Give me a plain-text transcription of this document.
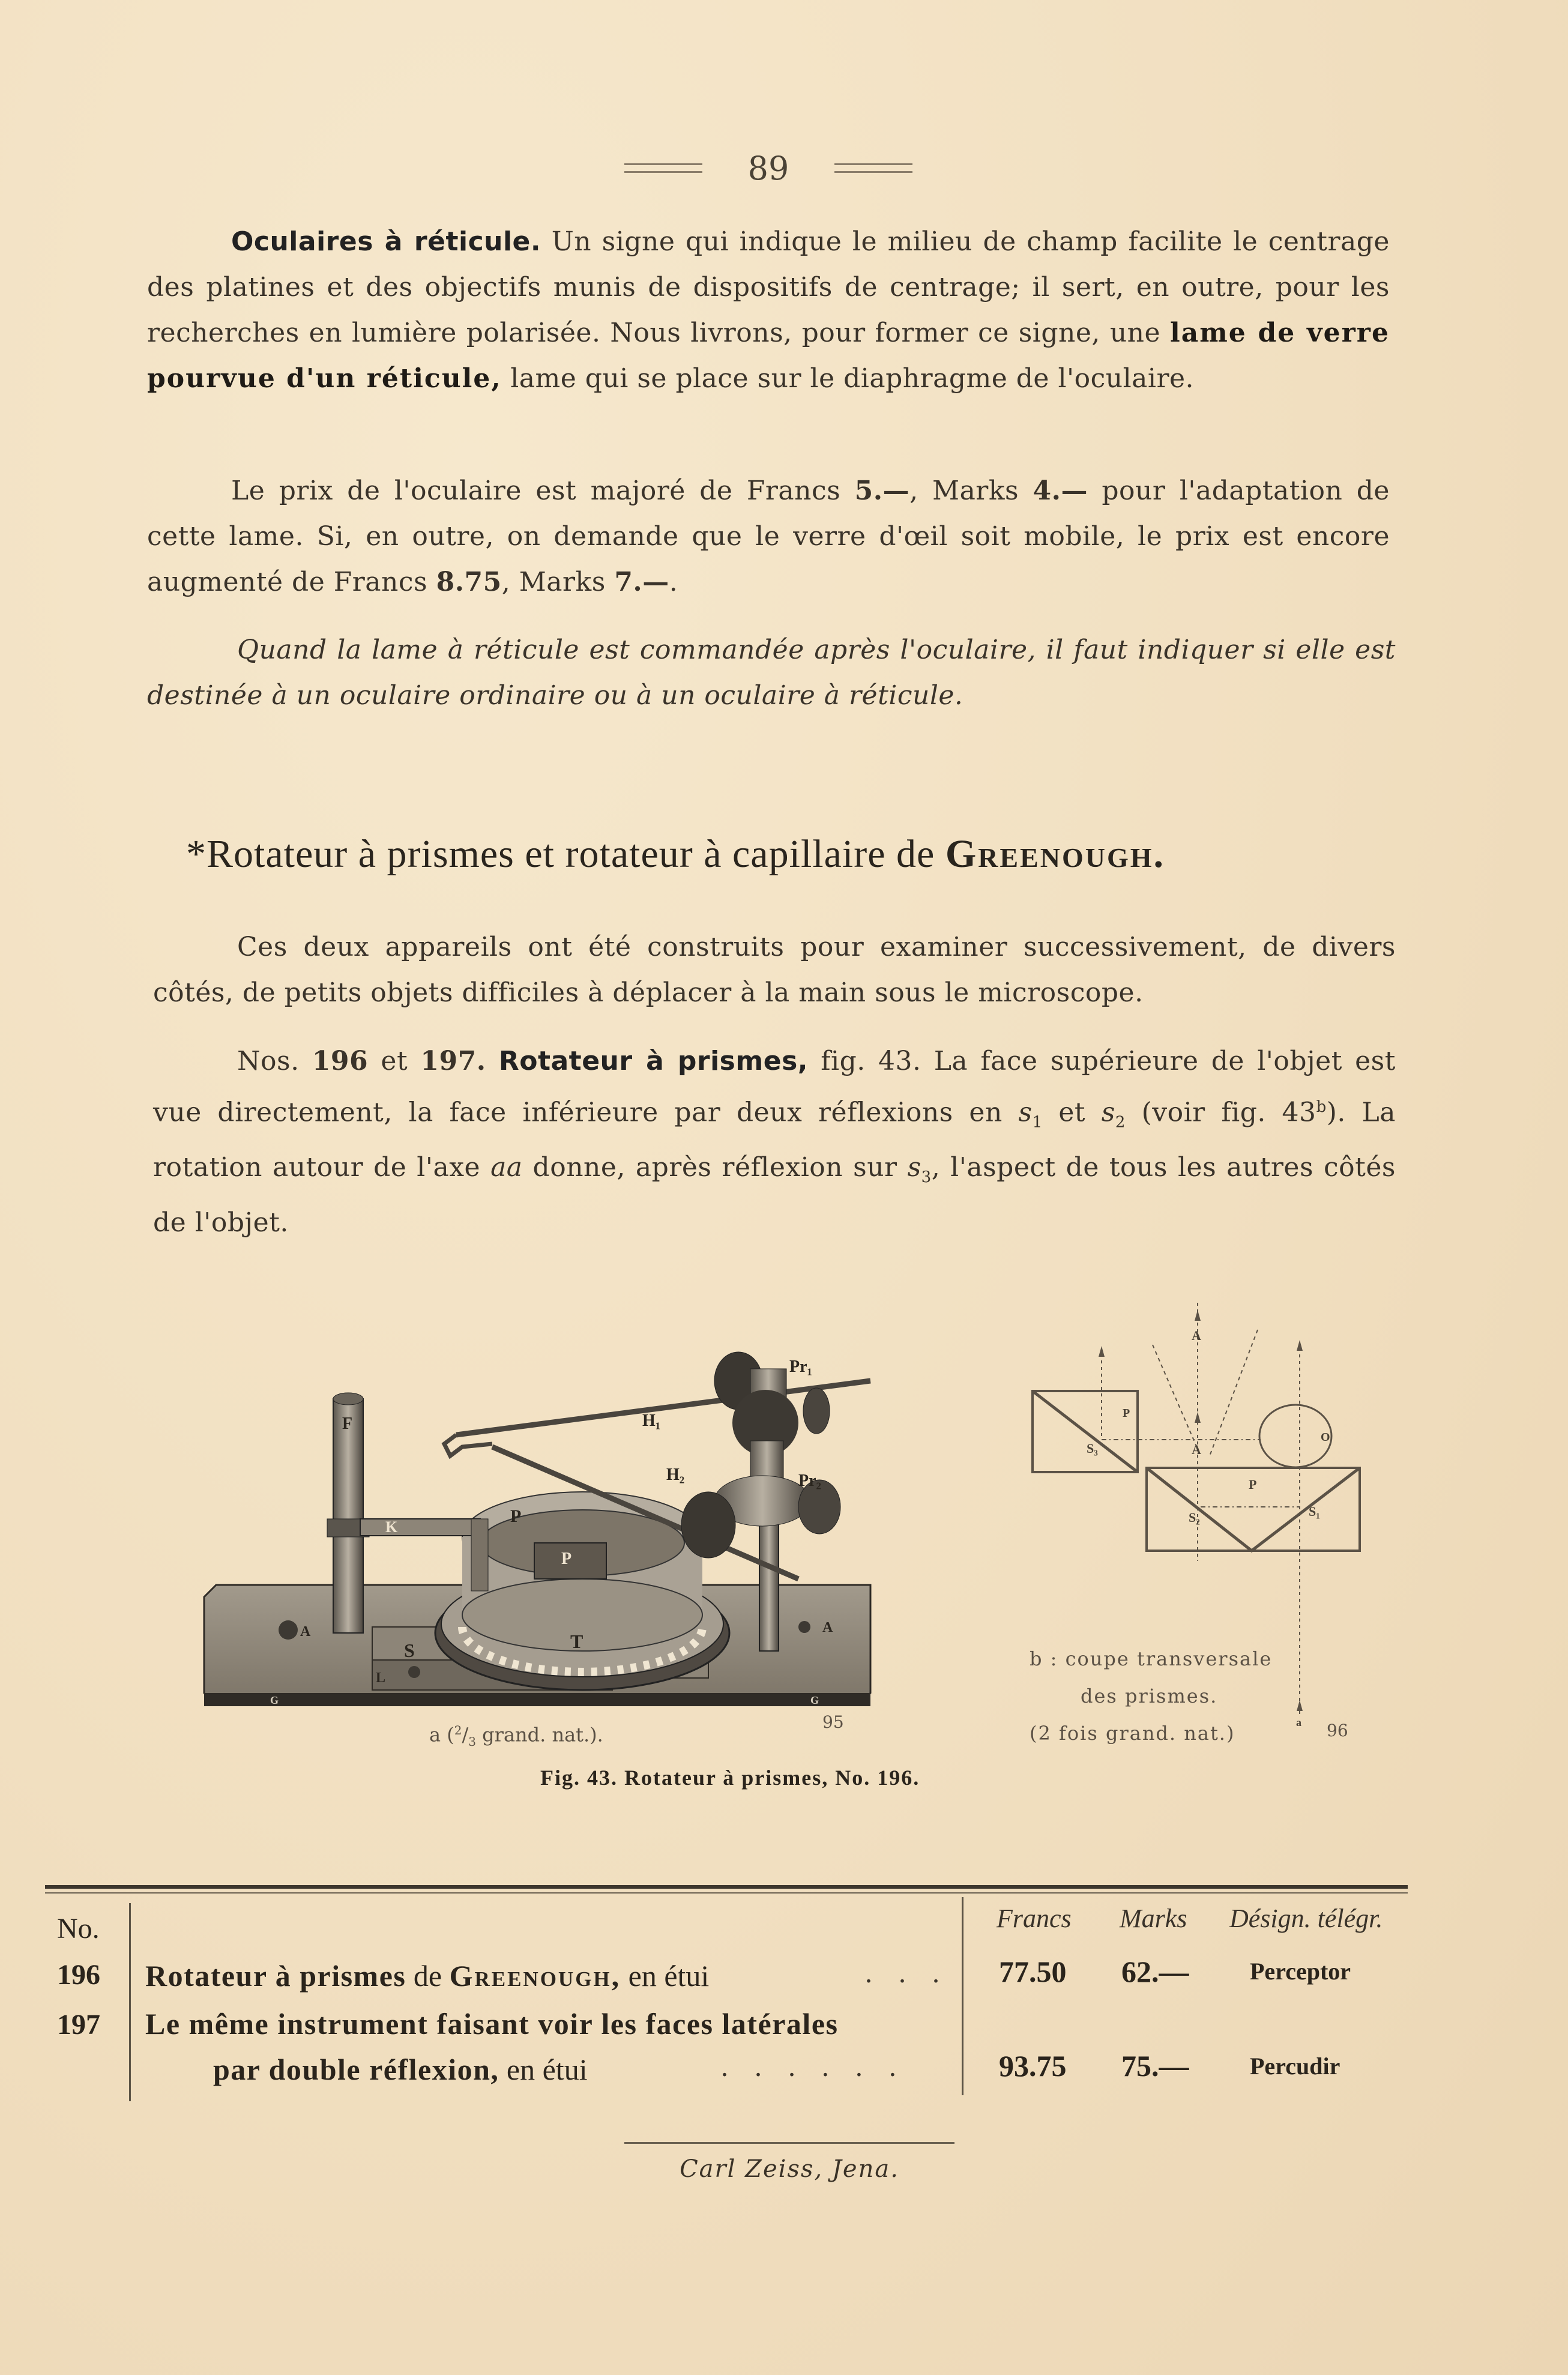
89
Oculaires à réticule. Un signe qui indique le milieu de champ facilite le centrage des platines et des objectifs munis de dispositifs de centrage; il sert, en outre, pour les recherches en lumière polarisée. Nous livrons, pour former ce signe, une lame de verre pourvue d'un réticule, lame qui se place sur le diaphragme de l'oculaire.
Le prix de l'oculaire est majoré de Francs 5.—, Marks 4.— pour l'adaptation de cette lame. Si, en outre, on demande que le verre d'œil soit mobile, le prix est encore augmenté de Francs 8.75, Marks 7.—.
Quand la lame à réticule est commandée après l'oculaire, il faut indiquer si elle est destinée à un oculaire ordinaire ou à un oculaire à réticule.
*Rotateur à prismes et rotateur à capillaire de Greenough.
Ces deux appareils ont été construits pour examiner successivement, de divers côtés, de petits objets difficiles à déplacer à la main sous le microscope.
Nos. 196 et 197. Rotateur à prismes, fig. 43. La face supérieure de l'objet est vue directement, la face inférieure par deux réflexions en $s_1$ et $s_2$ (voir fig. 43$^b$). La rotation autour de l'axe aa donne, après réflexion sur $s_3$, l'aspect de tous les autres côtés de l'objet.
F
K
P
P
H₁
H₂
Pr₁
Pr₂
A	A
S	T
L
G	G
a ($^2/_3$ grand. nat.).
95
A
A
P
P
O
S₃
S₂	S₁
a
b : coupe transversale
des prismes.
(2 fois grand. nat.)	96
Fig. 43. Rotateur à prismes, No. 196.
No.	Francs Marks Désign. télégr.
196 Rotateur à prismes de Greenough, en étui	. . . 77.50 62.—	Perceptor
197 Le même instrument faisant voir les faces latérales
par double réflexion, en étui	. . . . . .	93.75 75.—	Percudir
Carl Zeiss, Jena.
